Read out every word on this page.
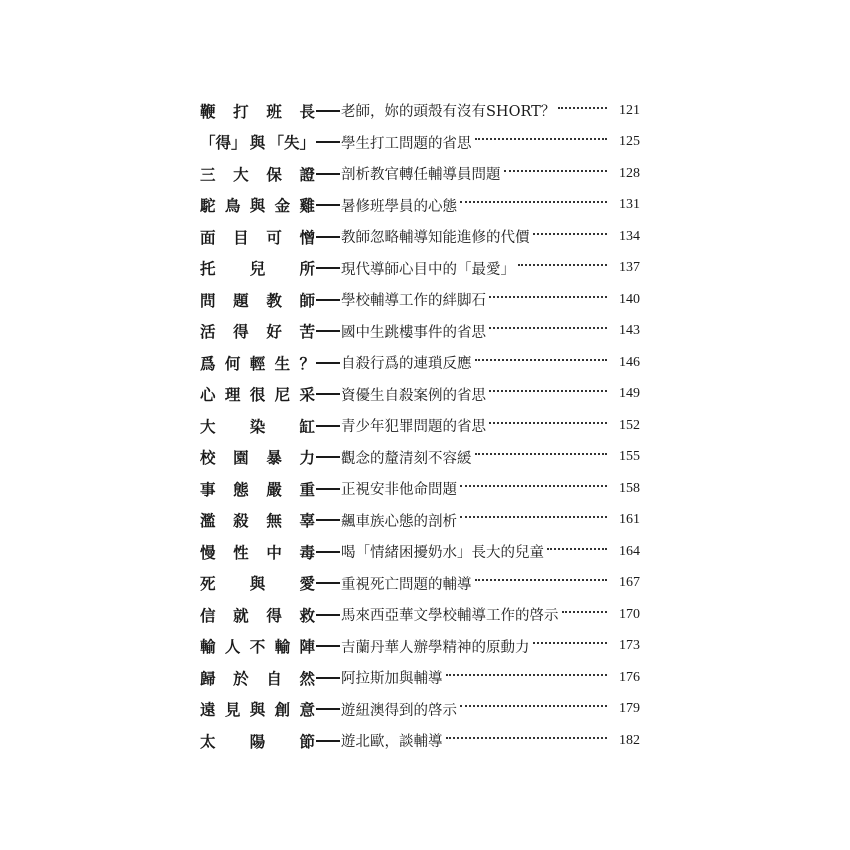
鞭 打 班 長 老師，妳的頭殼有沒有SHORT？	121
「得」 與 「失」 學生打工問題的省思	125
三 大 保 證 剖析教官轉任輔導員問題	128
駝 鳥 與 金 雞 暑修班學員的心態	131
面 目 可 憎 教師忽略輔導知能進修的代價	134
托 兒 所 現代導師心目中的「最愛」	137
問 題 教 師 學校輔導工作的絆脚石	140
活 得 好 苦 國中生跳樓事件的省思	143
爲 何 輕 生 ？ 自殺行爲的連瑣反應	146
心 理 很 尼 采 資優生自殺案例的省思	149
大 染 缸 青少年犯罪問題的省思	152
校 園 暴 力 觀念的釐清刻不容緩	155
事 態 嚴 重 正視安非他命問題	158
濫 殺 無 辜 飆車族心態的剖析	161
慢 性 中 毒 喝「情緒困擾奶水」長大的兒童	164
死 與 愛 重視死亡問題的輔導	167
信 就 得 救 馬來西亞華文學校輔導工作的啓示	170
輸 人 不 輸 陣 吉蘭丹華人辦學精神的原動力	173
歸 於 自 然 阿拉斯加與輔導	176
遠 見 與 創 意 遊紐澳得到的啓示	179
太 陽 節 遊北歐，談輔導	182
